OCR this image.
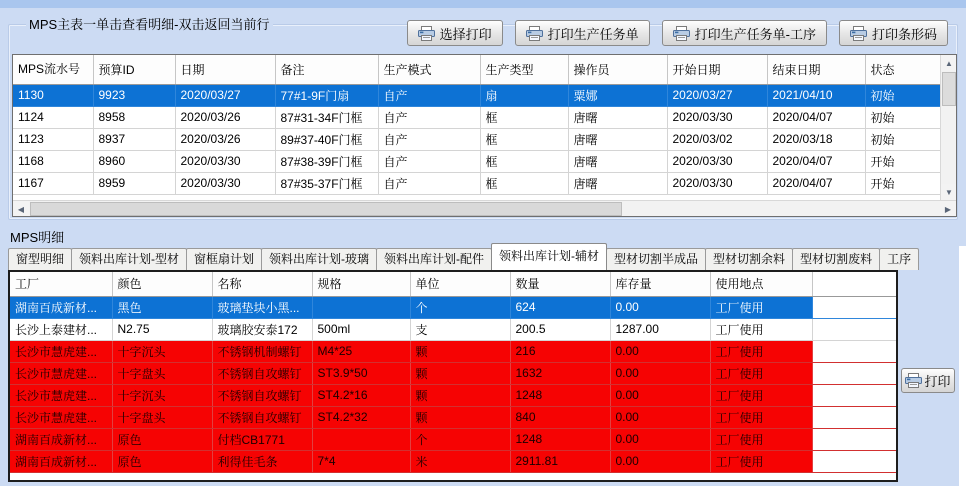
MPS主表一单击查看明细-双击返回当前行
选择打印	打印生产任务单	打印生产任务单-工序	打印条形码
MPS流水号	预算ID	日期	备注	生产模式	生产类型	操作员	开始日期	结束日期	状态
1130	9923	2020/03/27	77#1-9F门扇	自产	扇	粟娜	2020/03/27	2021/04/10	初始
1124	8958	2020/03/26	87#31-34F门框	自产	框	唐曙	2020/03/30	2020/04/07	初始
1123	8937	2020/03/26	89#37-40F门框	自产	框	唐曙	2020/03/02	2020/03/18	初始
1168	8960	2020/03/30	87#38-39F门框	自产	框	唐曙	2020/03/30	2020/04/07	开始
1167	8959	2020/03/30	87#35-37F门框	自产	框	唐曙	2020/03/30	2020/04/07	开始
▲
▼
◀
▶
MPS明细
窗型明细	领料出库计划-型材	窗框扇计划	领料出库计划-玻璃	领料出库计划-配件	领料出库计划-辅材	型材切割半成品	型材切割余料	型材切割废料	工序
工厂	颜色	名称	规格	单位	数量	库存量	使用地点	
湖南百成新材...	黑色	玻璃垫块小黑...		个	624	0.00	工厂使用	
长沙上泰建材...	N2.75	玻璃胶安泰172	500ml	支	200.5	1287.00	工厂使用	
长沙市慧虎建...	十字沉头	不锈钢机制螺钉	M4*25	颗	216	0.00	工厂使用	
长沙市慧虎建...	十字盘头	不锈钢自攻螺钉	ST3.9*50	颗	1632	0.00	工厂使用	
长沙市慧虎建...	十字沉头	不锈钢自攻螺钉	ST4.2*16	颗	1248	0.00	工厂使用	
长沙市慧虎建...	十字盘头	不锈钢自攻螺钉	ST4.2*32	颗	840	0.00	工厂使用	
湖南百成新材...	原色	付档CB1771		个	1248	0.00	工厂使用	
湖南百成新材...	原色	利得佳毛条	7*4	米	2911.81	0.00	工厂使用	
打印
